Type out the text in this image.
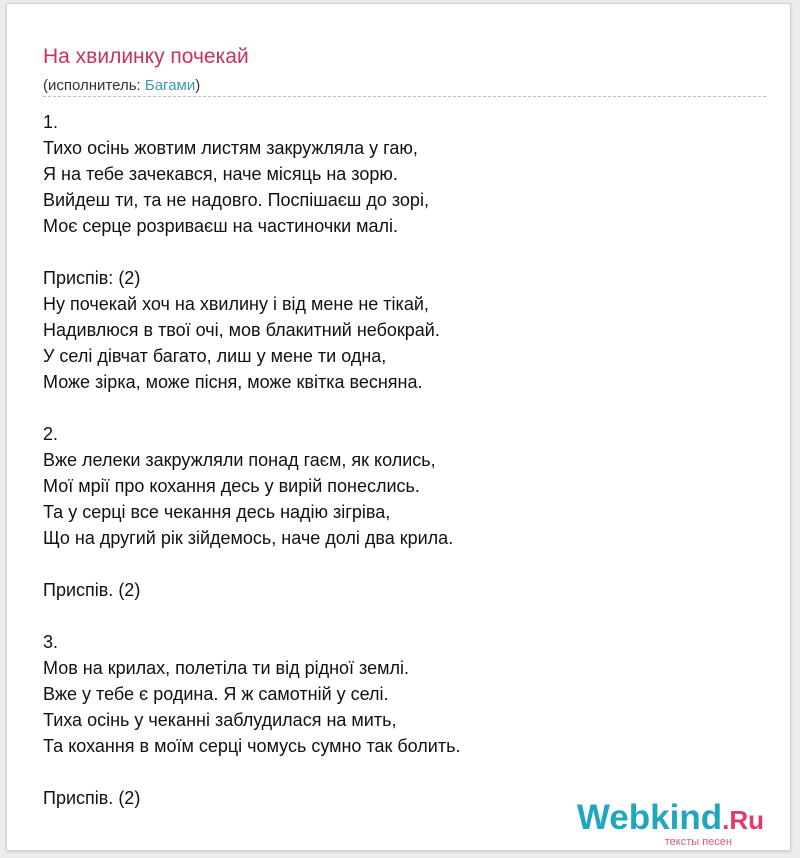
На хвилинку почекай
(исполнитель: Багами)
1.
Тихо осінь жовтим листям закружляла у гаю,
Я на тебе зачекався, наче місяць на зорю.
Вийдеш ти, та не надовго. Поспішаєш до зорі,
Моє серце розриваєш на частиночки малі.
Приспів: (2)
Ну почекай хоч на хвилину і від мене не тікай,
Надивлюся в твої очі, мов блакитний небокрай.
У селі дівчат багато, лиш у мене ти одна,
Може зірка, може пісня, може квітка весняна.
2.
Вже лелеки закружляли понад гаєм, як колись,
Мої мрії про кохання десь у вирій понеслись.
Та у серці все чекання десь надію зігріва,
Що на другий рік зійдемось, наче долі два крила.
Приспів. (2)
3.
Мов на крилах, полетіла ти від рідної землі.
Вже у тебе є родина. Я ж самотній у селі.
Тиха осінь у чеканні заблудилася на мить,
Та кохання в моїм серці чомусь сумно так болить.
Приспів. (2)	Webkind.Ru
тексты песен
